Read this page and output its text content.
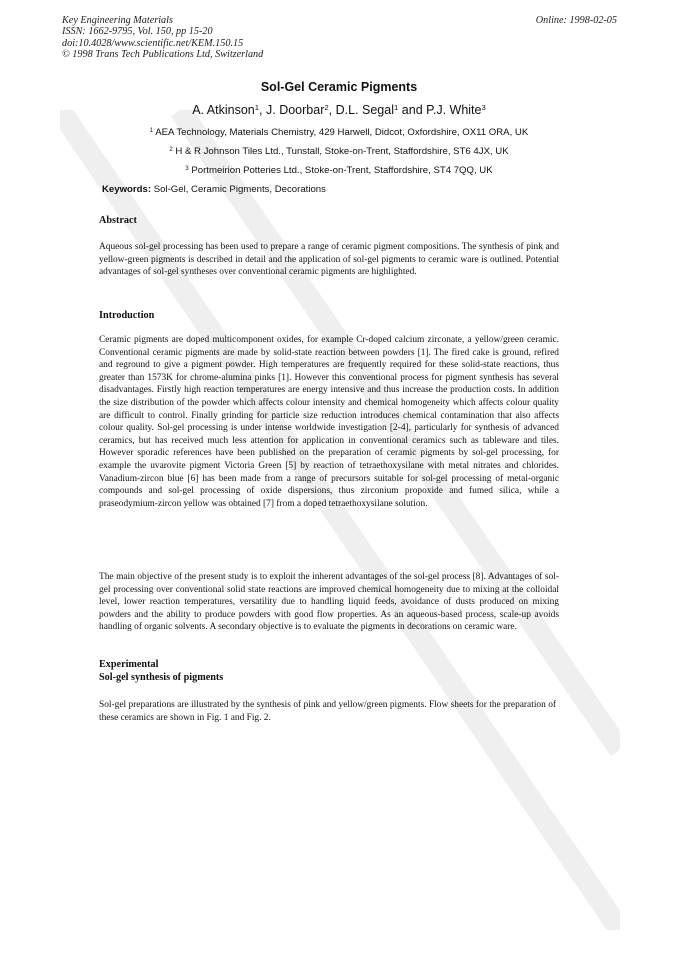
Key Engineering Materials
ISSN: 1662-9795, Vol. 150, pp 15-20
doi:10.4028/www.scientific.net/KEM.150.15
© 1998 Trans Tech Publications Ltd, Switzerland
Online: 1998-02-05
Sol-Gel Ceramic Pigments
A. Atkinson$^1$, J. Doorbar$^2$, D.L. Segal$^1$ and P.J. White$^3$
$^1$ AEA Technology, Materials Chemistry, 429 Harwell, Didcot, Oxfordshire, OX11 ORA, UK
$^2$ H & R Johnson Tiles Ltd., Tunstall, Stoke-on-Trent, Staffordshire, ST6 4JX, UK
$^3$ Portmeirion Potteries Ltd., Stoke-on-Trent, Staffordshire, ST4 7QQ, UK
Keywords: Sol-Gel, Ceramic Pigments, Decorations
Abstract

Aqueous sol-gel processing has been used to prepare a range of ceramic pigment compositions. The synthesis of pink and yellow-green pigments is described in detail and the application of sol-gel pigments to ceramic ware is outlined. Potential advantages of sol-gel syntheses over conventional ceramic pigments are highlighted.

Introduction

Ceramic pigments are doped multicomponent oxides, for example Cr-doped calcium zirconate, a yellow/green ceramic. Conventional ceramic pigments are made by solid-state reaction between powders [1]. The fired cake is ground, refired and reground to give a pigment powder. High temperatures are frequently required for these solid-state reactions, thus greater than 1573K for chrome-alumina pinks [1]. However this conventional process for pigment synthesis has several disadvantages. Firstly high reaction temperatures are energy intensive and thus increase the production costs. In addition the size distribution of the powder which affects colour intensity and chemical homogeneity which affects colour quality are difficult to control. Finally grinding for particle size reduction introduces chemical contamination that also affects colour quality. Sol-gel processing is under intense worldwide investigation [2-4], particularly for synthesis of advanced ceramics, but has received much less attention for application in conventional ceramics such as tableware and tiles. However sporadic references have been published on the preparation of ceramic pigments by sol-gel processing, for example the uvarovite pigment Victoria Green [5] by reaction of tetraethoxysilane with metal nitrates and chlorides. Vanadium-zircon blue [6] has been made from a range of precursors suitable for sol-gel processing of metal-organic compounds and sol-gel processing of oxide dispersions, thus zirconium propoxide and fumed silica, while a praseodymium-zircon yellow was obtained [7] from a doped tetraethoxysilane solution.

The main objective of the present study is to exploit the inherent advantages of the sol-gel process [8]. Advantages of sol-gel processing over conventional solid state reactions are improved chemical homogeneity due to mixing at the colloidal level, lower reaction temperatures, versatility due to handling liquid feeds, avoidance of dusts produced on mixing powders and the ability to produce powders with good flow properties. As an aqueous-based process, scale-up avoids handling of organic solvents. A secondary objective is to evaluate the pigments in decorations on ceramic ware.

Experimental
Sol-gel synthesis of pigments

Sol-gel preparations are illustrated by the synthesis of pink and yellow/green pigments. Flow sheets for the preparation of these ceramics are shown in Fig. 1 and Fig. 2.
